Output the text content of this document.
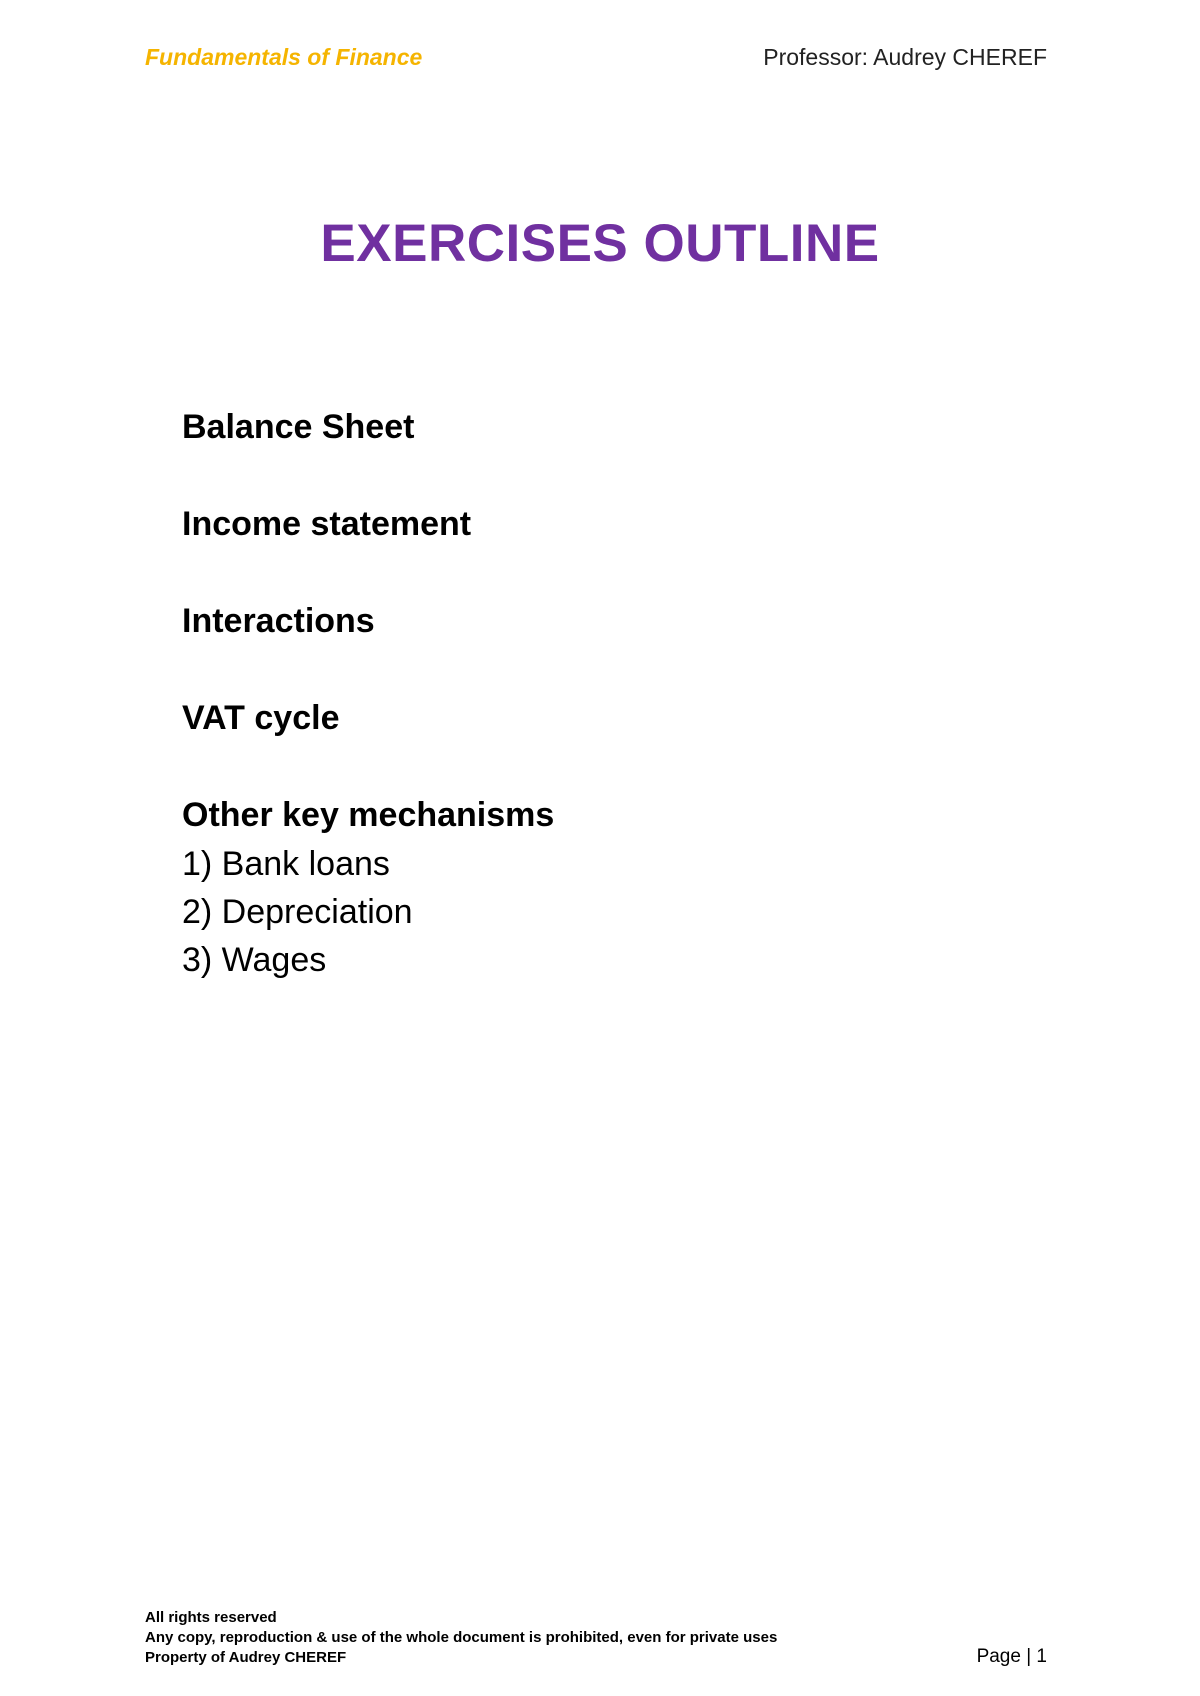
Fundamentals of Finance	Professor: Audrey CHEREF
EXERCISES OUTLINE
Balance Sheet
Income statement
Interactions
VAT cycle
Other key mechanisms
1) Bank loans
2) Depreciation
3) Wages
All rights reserved
Any copy, reproduction & use of the whole document is prohibited, even for private uses
Property of Audrey CHEREF	Page | 1
